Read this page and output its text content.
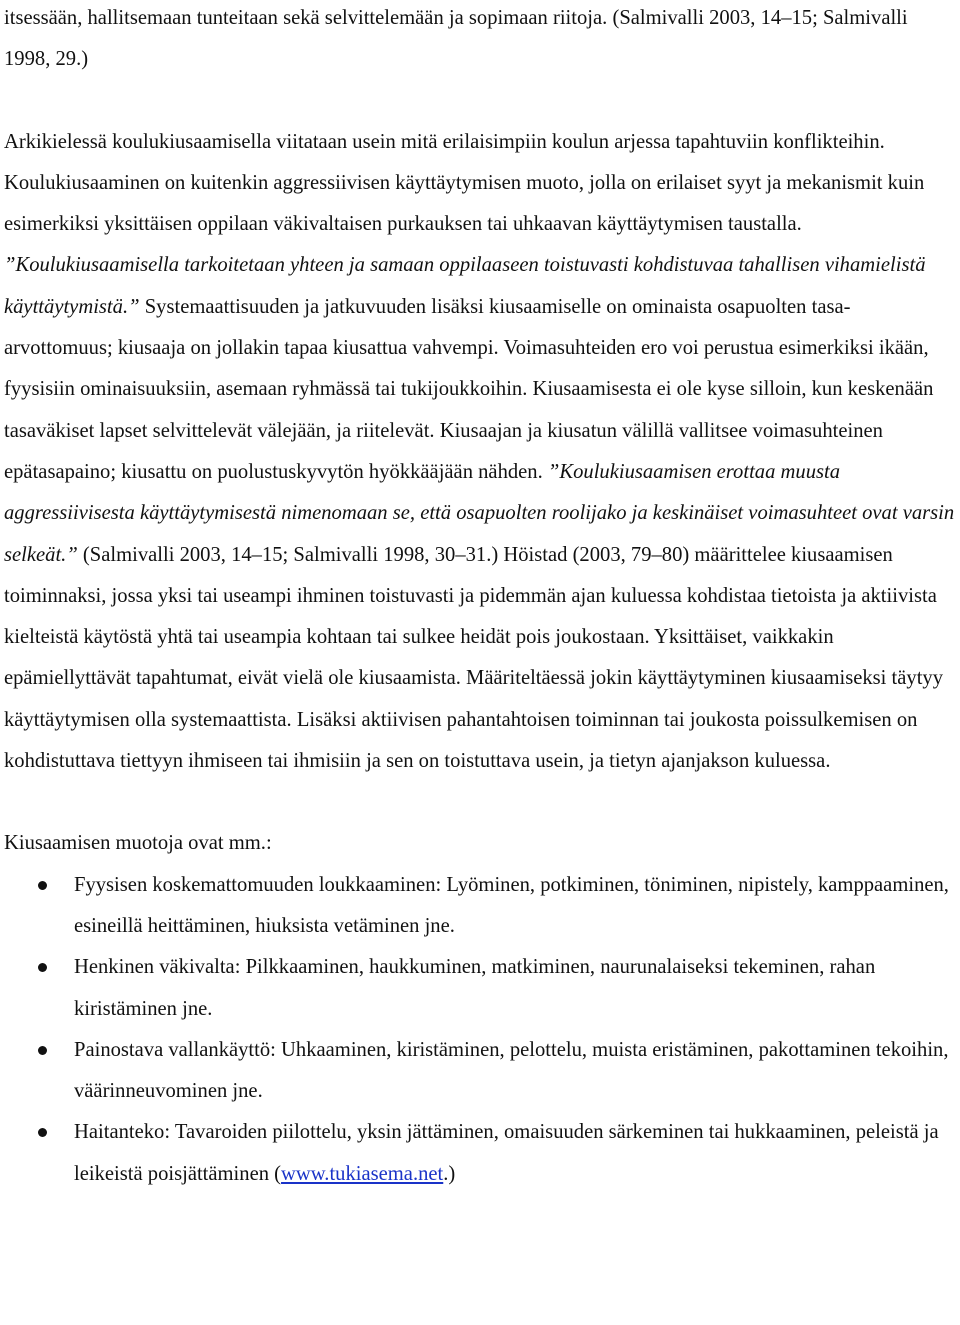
itsessään, hallitsemaan tunteitaan sekä selvittelemään ja sopimaan riitoja. (Salmivalli 2003, 14–15; Salmivalli 1998, 29.)

Arkikielessä koulukiusaamisella viitataan usein mitä erilaisimpiin koulun arjessa tapahtuviin konflikteihin. Koulukiusaaminen on kuitenkin aggressiivisen käyttäytymisen muoto, jolla on erilaiset syyt ja mekanismit kuin esimerkiksi yksittäisen oppilaan väkivaltaisen purkauksen tai uhkaavan käyttäytymisen taustalla. ”Koulukiusaamisella tarkoitetaan yhteen ja samaan oppilaaseen toistuvasti kohdistuvaa tahallisen vihamielistä käyttäytymistä.” Systemaattisuuden ja jatkuvuuden lisäksi kiusaamiselle on ominaista osapuolten tasa-arvottomuus; kiusaaja on jollakin tapaa kiusattua vahvempi. Voimasuhteiden ero voi perustua esimerkiksi ikään, fyysisiin ominaisuuksiin, asemaan ryhmässä tai tukijoukkoihin. Kiusaamisesta ei ole kyse silloin, kun keskenään tasaväkiset lapset selvittelevät välejään, ja riitelevät. Kiusaajan ja kiusatun välillä vallitsee voimasuhteinen epätasapaino; kiusattu on puolustuskyvytön hyökkääjään nähden. ”Koulukiusaamisen erottaa muusta aggressiivisesta käyttäytymisestä nimenomaan se, että osapuolten roolijako ja keskinäiset voimasuhteet ovat varsin selkeät.” (Salmivalli 2003, 14–15; Salmivalli 1998, 30–31.) Höistad (2003, 79–80) määrittelee kiusaamisen toiminnaksi, jossa yksi tai useampi ihminen toistuvasti ja pidemmän ajan kuluessa kohdistaa tietoista ja aktiivista kielteistä käytöstä yhtä tai useampia kohtaan tai sulkee heidät pois joukostaan. Yksittäiset, vaikkakin epämiellyttävät tapahtumat, eivät vielä ole kiusaamista. Määriteltäessä jokin käyttäytyminen kiusaamiseksi täytyy käyttäytymisen olla systemaattista. Lisäksi aktiivisen pahantahtoisen toiminnan tai joukosta poissulkemisen on kohdistuttava tiettyyn ihmiseen tai ihmisiin ja sen on toistuttava usein, ja tietyn ajanjakson kuluessa.

Kiusaamisen muotoja ovat mm.:

Fyysisen koskemattomuuden loukkaaminen: Lyöminen, potkiminen, töniminen, nipistely, kamppaaminen, esineillä heittäminen, hiuksista vetäminen jne.
Henkinen väkivalta: Pilkkaaminen, haukkuminen, matkiminen, naurunalaiseksi tekeminen, rahan kiristäminen jne.
Painostava vallankäyttö: Uhkaaminen, kiristäminen, pelottelu, muista eristäminen, pakottaminen tekoihin, väärinneuvominen jne.
Haitanteko: Tavaroiden piilottelu, yksin jättäminen, omaisuuden särkeminen tai hukkaaminen, peleistä ja leikeistä poisjättäminen (www.tukiasema.net.)
